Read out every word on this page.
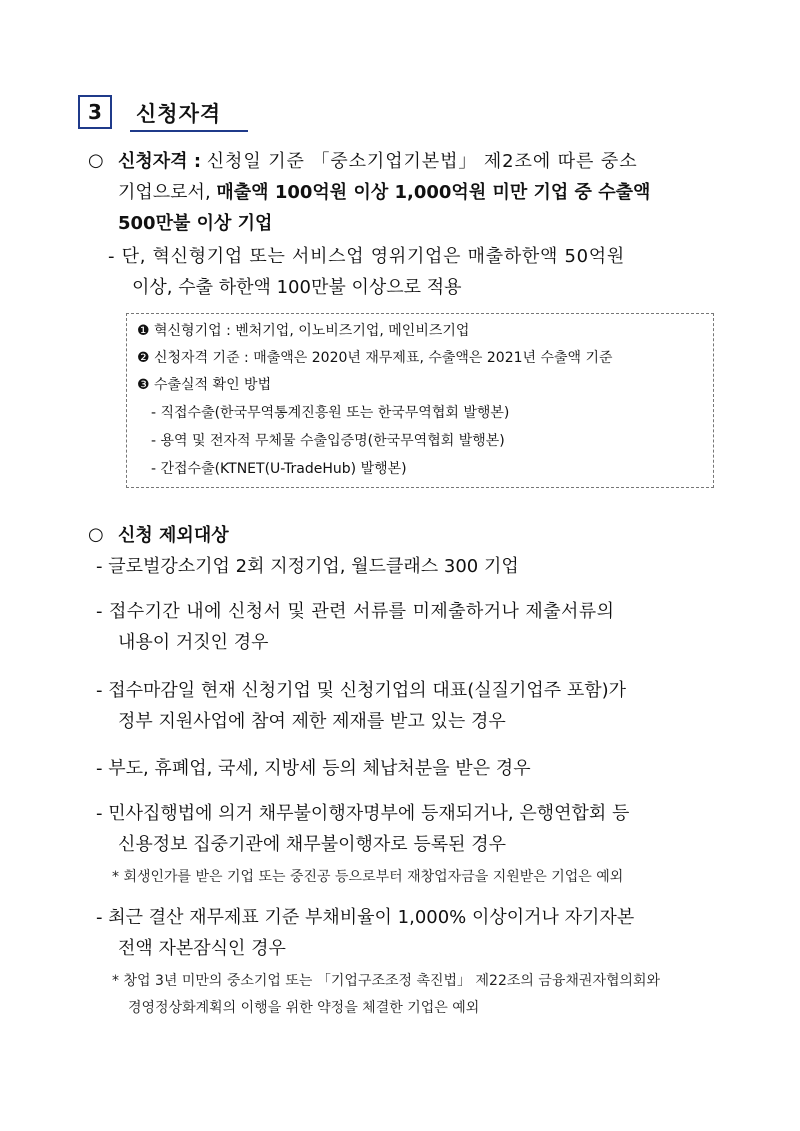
3	신청자격
○ 신청자격 : 신청일 기준 「중소기업기본법」 제2조에 따른 중소
기업으로서, 매출액 100억원 이상 1,000억원 미만 기업 중 수출액
500만불 이상 기업
- 단, 혁신형기업 또는 서비스업 영위기업은 매출하한액 50억원
이상, 수출 하한액 100만불 이상으로 적용
❶ 혁신형기업 : 벤처기업, 이노비즈기업, 메인비즈기업
❷ 신청자격 기준 : 매출액은 2020년 재무제표, 수출액은 2021년 수출액 기준
❸ 수출실적 확인 방법
- 직접수출(한국무역통계진흥원 또는 한국무역협회 발행본)
- 용역 및 전자적 무체물 수출입증명(한국무역협회 발행본)
- 간접수출(KTNET(U-TradeHub) 발행본)
○ 신청 제외대상
- 글로벌강소기업 2회 지정기업, 월드클래스 300 기업
- 접수기간 내에 신청서 및 관련 서류를 미제출하거나 제출서류의
내용이 거짓인 경우
- 접수마감일 현재 신청기업 및 신청기업의 대표(실질기업주 포함)가
정부 지원사업에 참여 제한 제재를 받고 있는 경우
- 부도, 휴폐업, 국세, 지방세 등의 체납처분을 받은 경우
- 민사집행법에 의거 채무불이행자명부에 등재되거나, 은행연합회 등
신용정보 집중기관에 채무불이행자로 등록된 경우
* 회생인가를 받은 기업 또는 중진공 등으로부터 재창업자금을 지원받은 기업은 예외
- 최근 결산 재무제표 기준 부채비율이 1,000% 이상이거나 자기자본
전액 자본잠식인 경우
* 창업 3년 미만의 중소기업 또는 「기업구조조정 촉진법」 제22조의 금융채권자협의회와
경영정상화계획의 이행을 위한 약정을 체결한 기업은 예외
